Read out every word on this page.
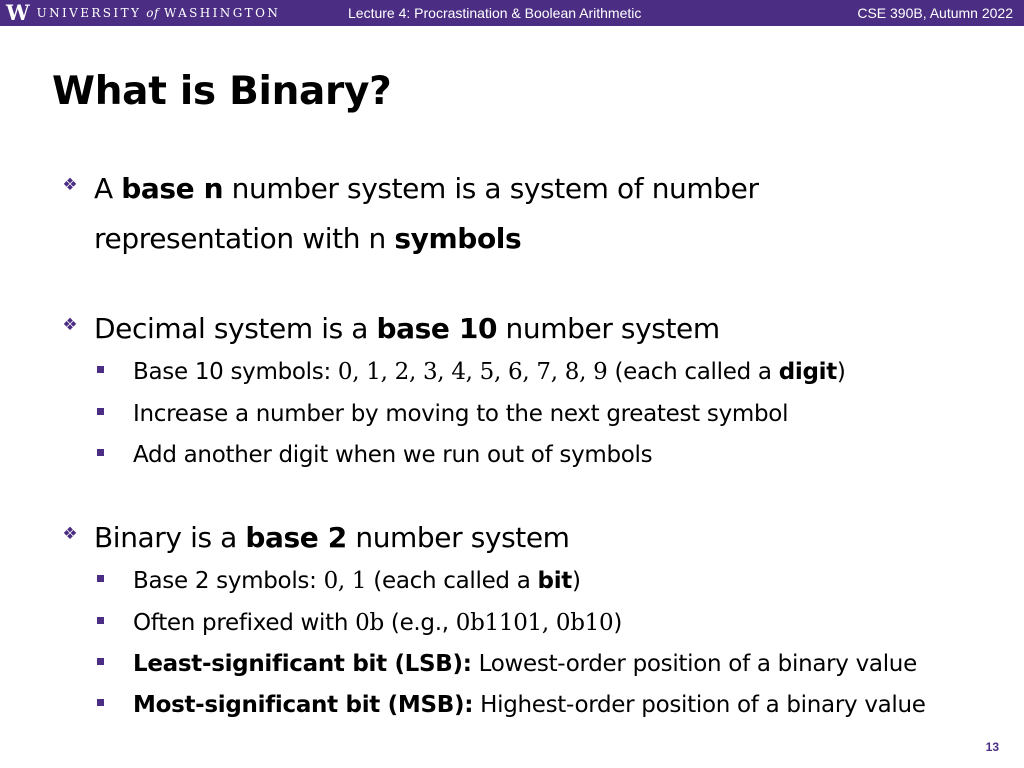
W UNIVERSITY of WASHINGTON	Lecture 4: Procrastination & Boolean Arithmetic	CSE 390B, Autumn 2022
What is Binary?
❖ A base n number system is a system of number representation with n symbols

❖ Decimal system is a base 10 number system

Base 10 symbols: 0, 1, 2, 3, 4, 5, 6, 7, 8, 9 (each called a digit)

Increase a number by moving to the next greatest symbol

Add another digit when we run out of symbols

❖ Binary is a base 2 number system

Base 2 symbols: 0, 1 (each called a bit)

Often prefixed with 0b (e.g., 0b1101, 0b10)

Least-significant bit (LSB): Lowest-order position of a binary value

Most-significant bit (MSB): Highest-order position of a binary value

13
